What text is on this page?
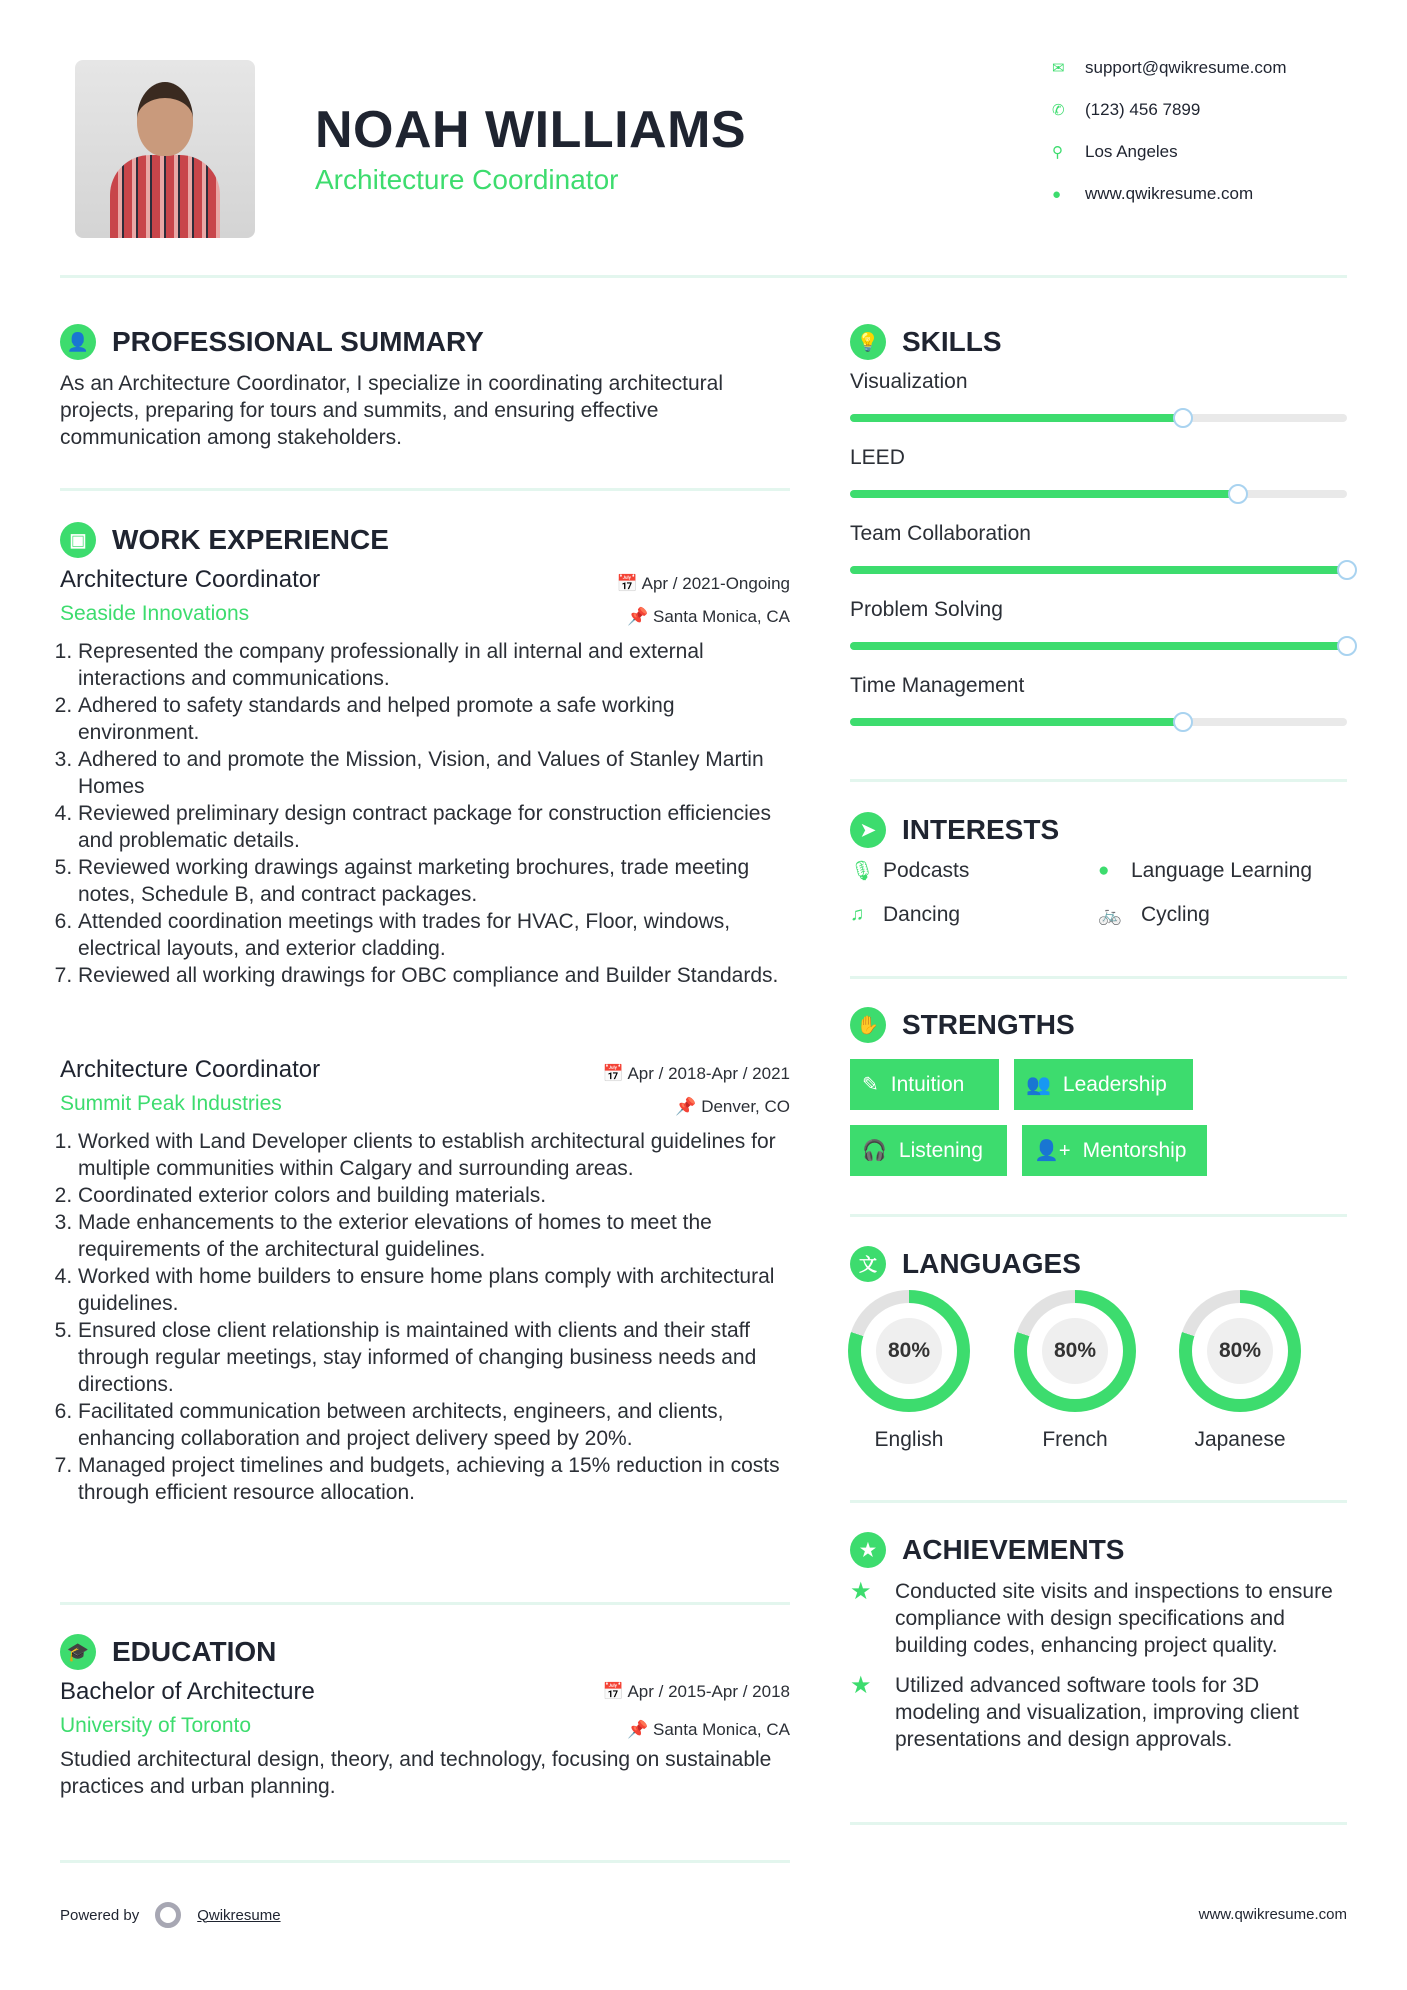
NOAH WILLIAMS
Architecture Coordinator
✉	support@qwikresume.com
✆	(123) 456 7899
⚲	Los Angeles
●	www.qwikresume.com
👤 PROFESSIONAL SUMMARY
As an Architecture Coordinator, I specialize in coordinating architectural projects, preparing for tours and summits, and ensuring effective communication among stakeholders.
▣ WORK EXPERIENCE
Architecture Coordinator	📅 Apr / 2021-Ongoing
Seaside Innovations	📌 Santa Monica, CA
1. Represented the company professionally in all internal and external interactions and communications.
2. Adhered to safety standards and helped promote a safe working environment.
3. Adhered to and promote the Mission, Vision, and Values of Stanley Martin Homes
4. Reviewed preliminary design contract package for construction efficiencies and problematic details.
5. Reviewed working drawings against marketing brochures, trade meeting notes, Schedule B, and contract packages.
6. Attended coordination meetings with trades for HVAC, Floor, windows, electrical layouts, and exterior cladding.
7. Reviewed all working drawings for OBC compliance and Builder Standards.
Architecture Coordinator	📅 Apr / 2018-Apr / 2021
Summit Peak Industries	📌 Denver, CO
1. Worked with Land Developer clients to establish architectural guidelines for multiple communities within Calgary and surrounding areas.
2. Coordinated exterior colors and building materials.
3. Made enhancements to the exterior elevations of homes to meet the requirements of the architectural guidelines.
4. Worked with home builders to ensure home plans comply with architectural guidelines.
5. Ensured close client relationship is maintained with clients and their staff through regular meetings, stay informed of changing business needs and directions.
6. Facilitated communication between architects, engineers, and clients, enhancing collaboration and project delivery speed by 20%.
7. Managed project timelines and budgets, achieving a 15% reduction in costs through efficient resource allocation.
🎓 EDUCATION
Bachelor of Architecture	📅 Apr / 2015-Apr / 2018
University of Toronto	📌 Santa Monica, CA
Studied architectural design, theory, and technology, focusing on sustainable practices and urban planning.
Powered by	Qwikresume	www.qwikresume.com
💡 SKILLS
Visualization
LEED
Team Collaboration
Problem Solving
Time Management
➤ INTERESTS
🎙 Podcasts	●	Language Learning
♫ Dancing	🚲 Cycling
✋ STRENGTHS
✎ Intuition	👥 Leadership
🎧 Listening	👤+ Mentorship
文 LANGUAGES
80%
English
80%
French
80%
Japanese
★ ACHIEVEMENTS
★	Conducted site visits and inspections to ensure compliance with design specifications and building codes, enhancing project quality.
★	Utilized advanced software tools for 3D modeling and visualization, improving client presentations and design approvals.
